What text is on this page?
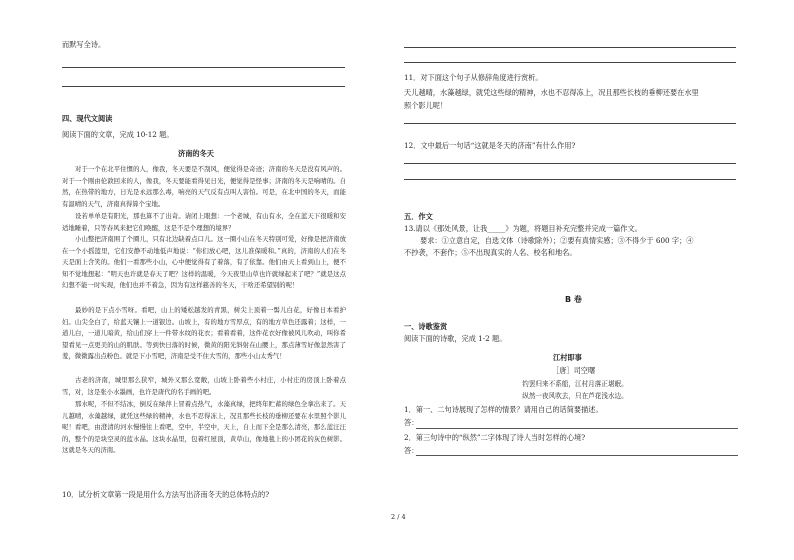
而默写全诗。
四、现代文阅读
阅读下面的文章，完成 10-12 题。
济南的冬天
对于一个在北平住惯的人，像我，冬天要是不刮风，便觉得是奇迹；济南的冬天是没有风声的。对于一个刚由伦敦回来的人，像我，冬天要能看得见日光，便觉得是怪事；济南的冬天是响晴的。自然，在热带的地方，日光是永远那么毒，响亮的天气反有点叫人害怕。可是，在北中国的冬天，而能有温晴的天气，济南真得算个宝地。
设若单单是有阳光，那也算不了出奇。请闭上眼想：一个老城，有山有水，全在蓝天下很暖和安适地睡着，只等春风来把它们唤醒，这是不是个理想的境界？
小山整把济南围了个圈儿，只有北边缺着点口儿。这一圈小山在冬天特别可爱，好像是把济南放在一个小摇篮里，它们安静不动地低声地说：“你们放心吧，这儿准保暖和。”真的，济南的人们在冬天是面上含笑的。他们一看那些小山，心中便觉得有了着落，有了依靠。他们由天上看到山上，便不知不觉地想起：“明天也许就是春天了吧？这样的温暖，今天夜里山草也许就绿起来了吧？”就是这点幻想不能一时实现，他们也并不着急，因为有这样慈善的冬天，干啥还希望别的呢！
最妙的是下点小雪呀。看吧，山上的矮松越发的青黑，树尖上顶着一髻儿白花，好像日本看护妇。山尖全白了，给蓝天镶上一道银边。山坡上，有的地方雪厚点，有的地方草色还露着；这样，一道儿白，一道儿暗黄，给山们穿上一件带水纹的花衣；看着看着，这件花衣好像被风儿吹动，叫你希望看见一点更美的山的肌肤。等到快日落的时候，微黄的阳光斜射在山腰上，那点薄雪好像忽然害了羞，微微露出点粉色。就是下小雪吧，济南是受不住大雪的，那些小山太秀气！
古老的济南，城里那么狭窄，城外又那么宽敞，山坡上卧着些小村庄，小村庄的房顶上卧着点雪，对，这是张小水墨画，也许是唐代的名手画的吧。
那水呢，不但不结冰，倒反在绿萍上冒着点热气，水藻真绿，把终年贮蓄的绿色全拿出来了。天儿越晴，水藻越绿，就凭这些绿的精神，水也不忍得冻上，况且那些长枝的垂柳还要在水里照个影儿呢！看吧，由澄清的河水慢慢往上看吧，空中，半空中，天上，自上而下全是那么清亮，那么蓝汪汪的，整个的是块空灵的蓝水晶。这块水晶里，包着红屋顶，黄草山，像地毯上的小团花的灰色树影。这就是冬天的济南。
10．试分析文章第一段是用什么方法写出济南冬天的总体特点的?
11．对下面这个句子从修辞角度进行赏析。
天儿越晴，水藻越绿，就凭这些绿的精神，水也不忍得冻上，况且那些长枝的垂柳还要在水里
照个影儿呢！
12．文中最后一句话“这就是冬天的济南”有什么作用?
五．作文
13.请以《那处风景，让我_____》为题，将题目补充完整并完成一篇作文。
要求：①立意自定，自选文体（诗歌除外）；②要有真情实感；③不得少于 600 字；④
不抄袭，不套作；⑤不出现真实的人名、校名和地名。
B 卷
一、诗歌鉴赏
阅读下面的诗歌，完成 1-2 题。
江村即事
［唐］司空曙
钓罢归来不系船，江村月落正堪眠。
纵然一夜风吹去，只在芦花浅水边。
1．第一、二句诗展现了怎样的情景？请用自己的话简要描述。
答：
2．第三句诗中的“纵然”二字体现了诗人当时怎样的心境?
答：
2 / 4
